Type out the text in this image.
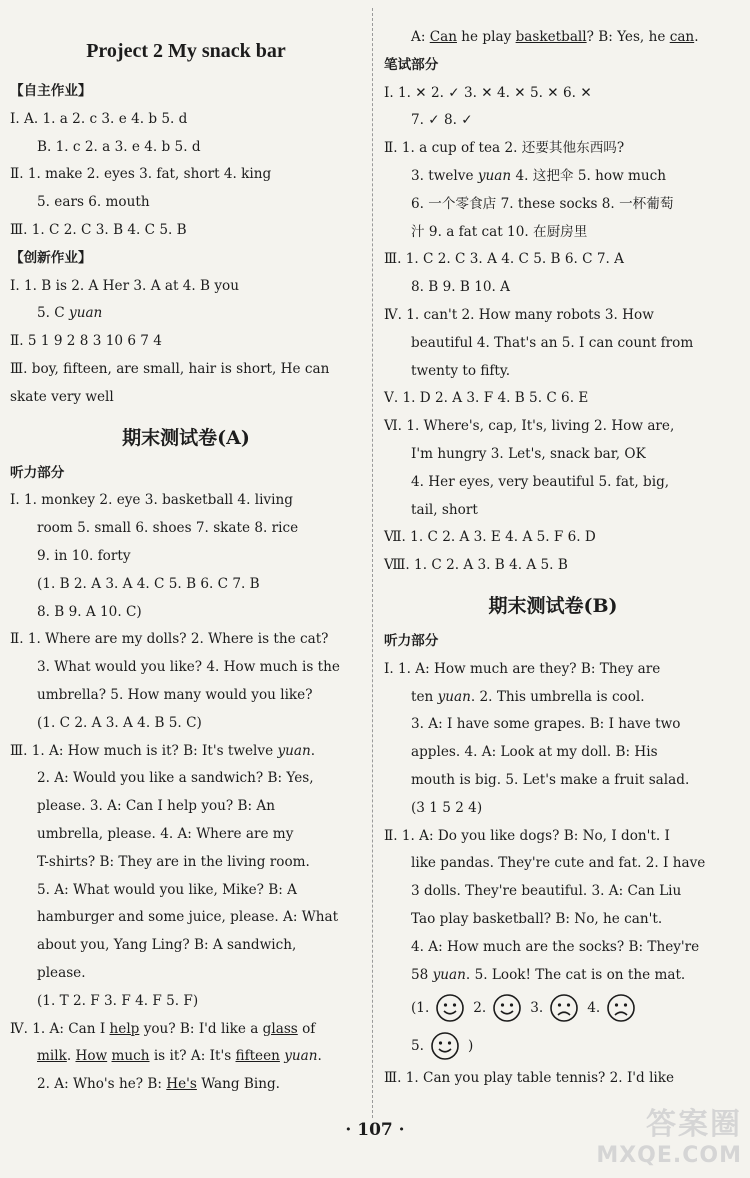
Project 2 My snack bar
【自主作业】
Ⅰ. A. 1. a 2. c 3. e 4. b 5. d
B. 1. c 2. a 3. e 4. b 5. d
Ⅱ. 1. make 2. eyes 3. fat, short 4. king
5. ears 6. mouth
Ⅲ. 1. C 2. C 3. B 4. C 5. B
【创新作业】
Ⅰ. 1. B is 2. A Her 3. A at 4. B you
5. C yuan
Ⅱ. 5 1 9 2 8 3 10 6 7 4
Ⅲ. boy, fifteen, are small, hair is short, He can
skate very well
期末测试卷(A)
听力部分
Ⅰ. 1. monkey 2. eye 3. basketball 4. living
room 5. small 6. shoes 7. skate 8. rice
9. in 10. forty
(1. B 2. A 3. A 4. C 5. B 6. C 7. B
8. B 9. A 10. C)
Ⅱ. 1. Where are my dolls? 2. Where is the cat?
3. What would you like? 4. How much is the
umbrella? 5. How many would you like?
(1. C 2. A 3. A 4. B 5. C)
Ⅲ. 1. A: How much is it? B: It's twelve yuan.
2. A: Would you like a sandwich? B: Yes,
please. 3. A: Can I help you? B: An
umbrella, please. 4. A: Where are my
T-shirts? B: They are in the living room.
5. A: What would you like, Mike? B: A
hamburger and some juice, please. A: What
about you, Yang Ling? B: A sandwich,
please.
(1. T 2. F 3. F 4. F 5. F)
Ⅳ. 1. A: Can I help you? B: I'd like a glass of
milk. How much is it? A: It's fifteen yuan.
2. A: Who's he? B: He's Wang Bing.
A: Can he play basketball? B: Yes, he can.
笔试部分
Ⅰ. 1. ✕ 2. ✓ 3. ✕ 4. ✕ 5. ✕ 6. ✕
7. ✓ 8. ✓
Ⅱ. 1. a cup of tea 2. 还要其他东西吗?
3. twelve yuan 4. 这把伞 5. how much
6. 一个零食店 7. these socks 8. 一杯葡萄
汁 9. a fat cat 10. 在厨房里
Ⅲ. 1. C 2. C 3. A 4. C 5. B 6. C 7. A
8. B 9. B 10. A
Ⅳ. 1. can't 2. How many robots 3. How
beautiful 4. That's an 5. I can count from
twenty to fifty.
Ⅴ. 1. D 2. A 3. F 4. B 5. C 6. E
Ⅵ. 1. Where's, cap, It's, living 2. How are,
I'm hungry 3. Let's, snack bar, OK
4. Her eyes, very beautiful 5. fat, big,
tail, short
Ⅶ. 1. C 2. A 3. E 4. A 5. F 6. D
Ⅷ. 1. C 2. A 3. B 4. A 5. B
期末测试卷(B)
听力部分
Ⅰ. 1. A: How much are they? B: They are
ten yuan. 2. This umbrella is cool.
3. A: I have some grapes. B: I have two
apples. 4. A: Look at my doll. B: His
mouth is big. 5. Let's make a fruit salad.
(3 1 5 2 4)
Ⅱ. 1. A: Do you like dogs? B: No, I don't. I
like pandas. They're cute and fat. 2. I have
3 dolls. They're beautiful. 3. A: Can Liu
Tao play basketball? B: No, he can't.
4. A: How much are the socks? B: They're
58 yuan. 5. Look! The cat is on the mat.
(1.	2.	3.	4.
5.	)
Ⅲ. 1. Can you play table tennis? 2. I'd like
· 107 ·	答案圈
MXQE.COM
